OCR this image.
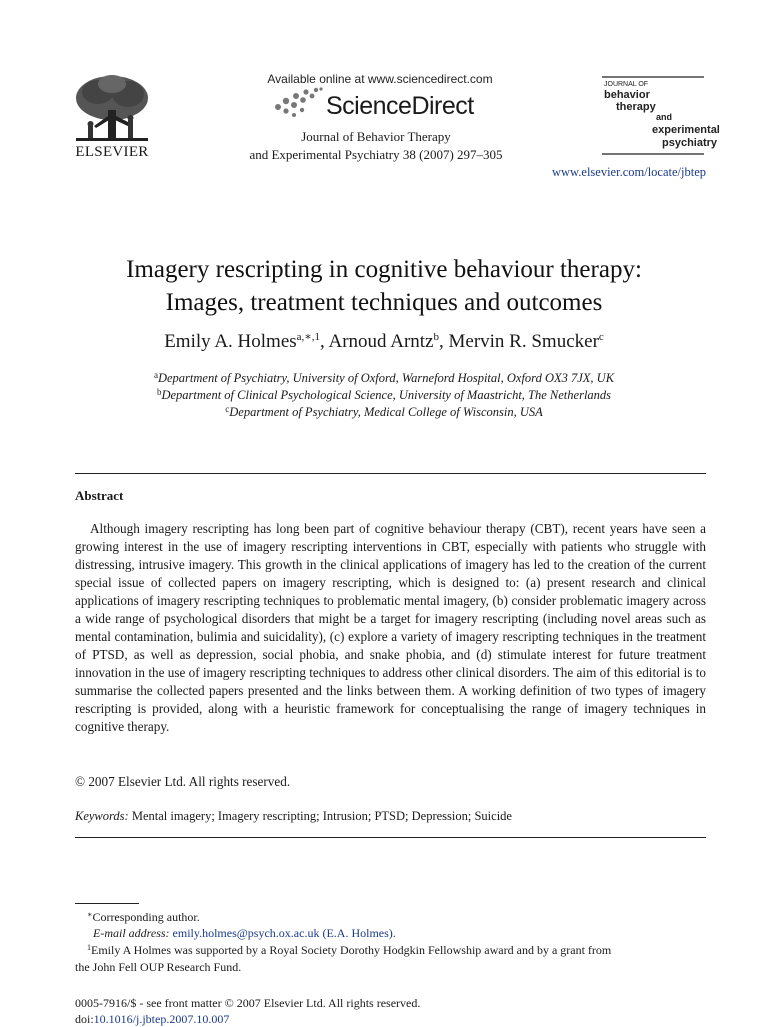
ELSEVIER
Available online at www.sciencedirect.com
ScienceDirect
Journal of Behavior Therapy
and Experimental Psychiatry 38 (2007) 297–305
JOURNAL OF
behavior
therapy
and
experimental
psychiatry
www.elsevier.com/locate/jbtep
Imagery rescripting in cognitive behaviour therapy:
Images, treatment techniques and outcomes
Emily A. Holmes$^{a,∗,1}$, Arnoud Arntz$^b$, Mervin R. Smucker$^c$
$^a$Department of Psychiatry, University of Oxford, Warneford Hospital, Oxford OX3 7JX, UK
$^b$Department of Clinical Psychological Science, University of Maastricht, The Netherlands
$^c$Department of Psychiatry, Medical College of Wisconsin, USA
Abstract
Although imagery rescripting has long been part of cognitive behaviour therapy (CBT), recent years have seen a growing interest in the use of imagery rescripting interventions in CBT, especially with patients who struggle with distressing, intrusive imagery. This growth in the clinical applications of imagery has led to the creation of the current special issue of collected papers on imagery rescripting, which is designed to: (a) present research and clinical applications of imagery rescripting techniques to problematic mental imagery, (b) consider problematic imagery across a wide range of psychological disorders that might be a target for imagery rescripting (including novel areas such as mental contamination, bulimia and suicidality), (c) explore a variety of imagery rescripting techniques in the treatment of PTSD, as well as depression, social phobia, and snake phobia, and (d) stimulate interest for future treatment innovation in the use of imagery rescripting techniques to address other clinical disorders. The aim of this editorial is to summarise the collected papers presented and the links between them. A working definition of two types of imagery rescripting is provided, along with a heuristic framework for conceptualising the range of imagery techniques in cognitive therapy.
© 2007 Elsevier Ltd. All rights reserved.
Keywords: Mental imagery; Imagery rescripting; Intrusion; PTSD; Depression; Suicide
∗Corresponding author.
E-mail address: emily.holmes@psych.ox.ac.uk (E.A. Holmes).
$^1$Emily A Holmes was supported by a Royal Society Dorothy Hodgkin Fellowship award and by a grant from
the John Fell OUP Research Fund.
0005-7916/$ - see front matter © 2007 Elsevier Ltd. All rights reserved.
doi:10.1016/j.jbtep.2007.10.007
